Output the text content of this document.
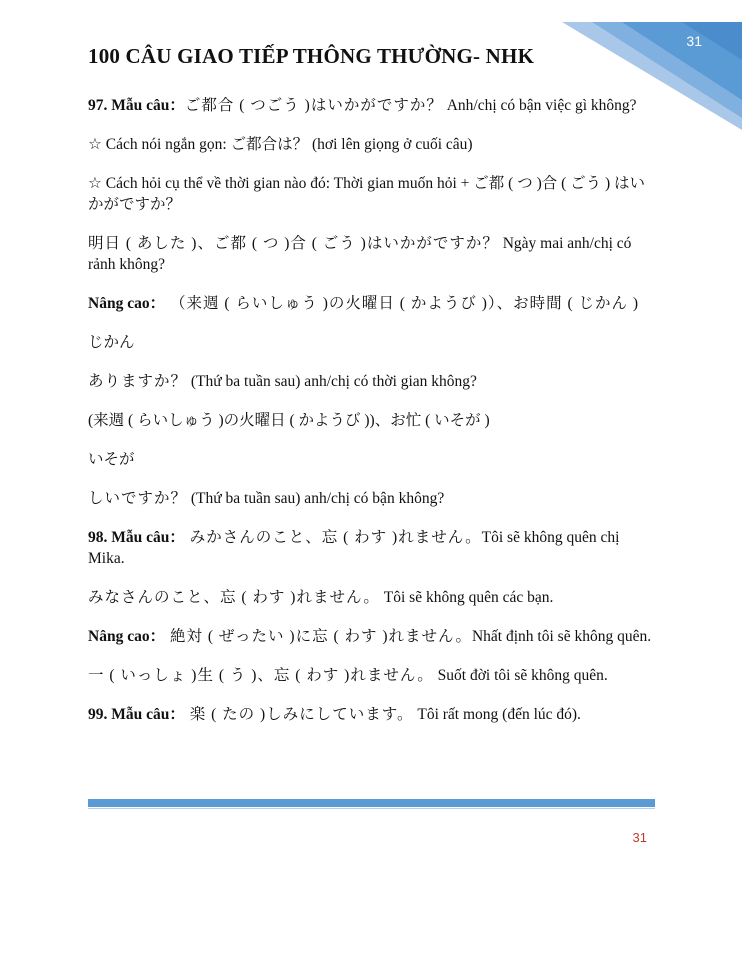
31
100 CÂU GIAO TIẾP THÔNG THƯỜNG- NHK
97. Mẫu câu：ご都合 ( つごう )はいかがですか？ Anh/chị có bận việc gì không?
☆ Cách nói ngắn gọn: ご都合は？ (hơi lên giọng ở cuối câu)
☆ Cách hỏi cụ thể về thời gian nào đó: Thời gian muốn hỏi + ご都 ( つ )合 ( ごう ) はいかがですか？
明日 ( あした )、ご都 ( つ )合 ( ごう )はいかがですか？ Ngày mai anh/chị có rảnh không?
Nâng cao： （来週 ( らいしゅう )の火曜日 ( かようび )）、お時間 ( じかん )
じかん
ありますか？ (Thứ ba tuần sau) anh/chị có thời gian không?
(来週 ( らいしゅう )の火曜日 ( かようび ))、お忙 ( いそが )
いそが
しいですか？ (Thứ ba tuần sau) anh/chị có bận không?
98. Mẫu câu： みかさんのこと、忘 ( わす )れません。Tôi sẽ không quên chị Mika.
みなさんのこと、忘 ( わす )れません。 Tôi sẽ không quên các bạn.
Nâng cao： 絶対 ( ぜったい )に忘 ( わす )れません。Nhất định tôi sẽ không quên.
一 ( いっしょ )生 ( う )、忘 ( わす )れません。 Suốt đời tôi sẽ không quên.
99. Mẫu câu： 楽 ( たの )しみにしています。 Tôi rất mong (đến lúc đó).
31
